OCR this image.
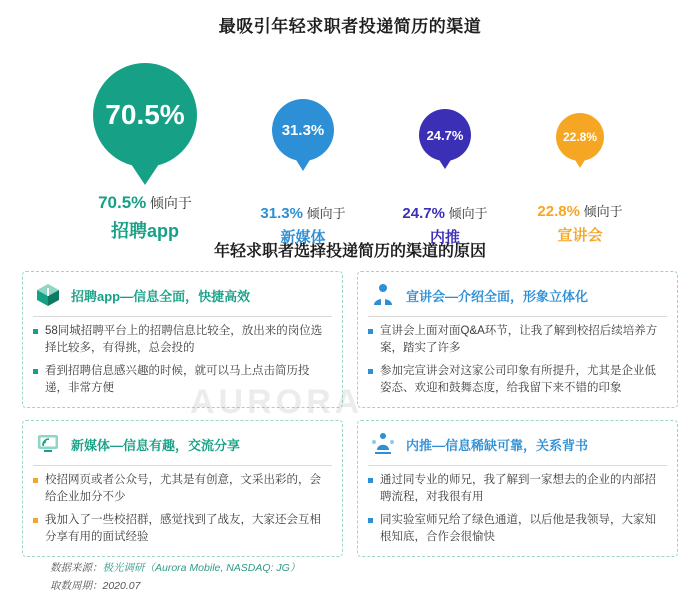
最吸引年轻求职者投递简历的渠道
70.5%
70.5% 倾向于
招聘app
31.3%
31.3% 倾向于
新媒体
24.7%
24.7% 倾向于
内推
22.8%
22.8% 倾向于
宣讲会
年轻求职者选择投递简历的渠道的原因
招聘app—信息全面，快捷高效
58同城招聘平台上的招聘信息比较全，放出来的岗位选择比较多，有得挑，总会投的
看到招聘信息感兴趣的时候，就可以马上点击简历投递，非常方便
宣讲会—介绍全面，形象立体化
宣讲会上面对面Q&A环节，让我了解到校招后续培养方案，踏实了许多
参加完宣讲会对这家公司印象有所提升，尤其是企业低姿态、欢迎和鼓舞态度，给我留下来不错的印象
新媒体—信息有趣，交流分享
校招网页或者公众号，尤其是有创意，文采出彩的，会给企业加分不少
我加入了一些校招群，感觉找到了战友，大家还会互相分享有用的面试经验
内推—信息稀缺可靠，关系背书
通过同专业的师兄，我了解到一家想去的企业的内部招聘流程，对我很有用
同实验室师兄给了绿色通道，以后他是我领导，大家知根知底，合作会很愉快
数据来源：极光调研（Aurora Mobile, NASDAQ: JG）
取数周期：2020.07
